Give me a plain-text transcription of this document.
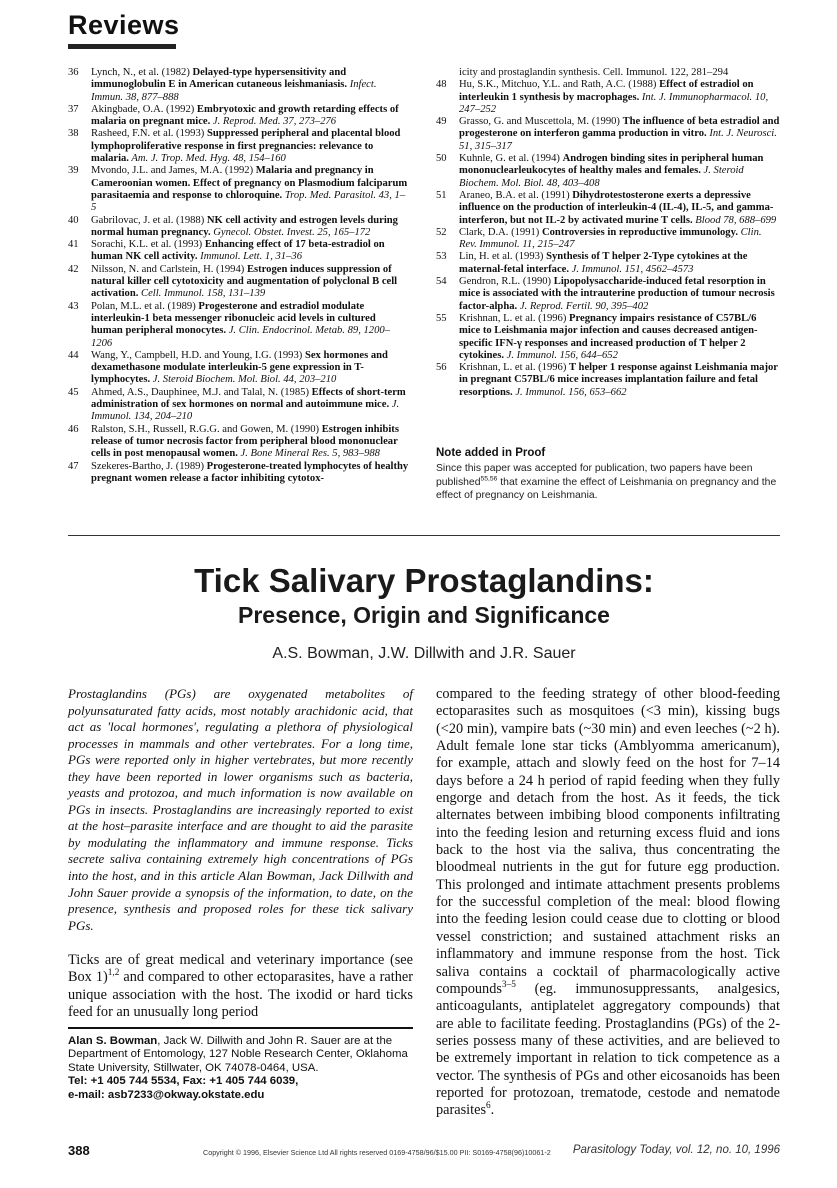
Reviews

36 Lynch, N., et al. (1982) Delayed-type hypersensitivity and immunoglobulin E in American cutaneous leishmaniasis. Infect. Immun. 38, 877–888

37 Akingbade, O.A. (1992) Embryotoxic and growth retarding effects of malaria on pregnant mice. J. Reprod. Med. 37, 273–276

38 Rasheed, F.N. et al. (1993) Suppressed peripheral and placental blood lymphoproliferative response in first pregnancies: relevance to malaria. Am. J. Trop. Med. Hyg. 48, 154–160

39 Mvondo, J.L. and James, M.A. (1992) Malaria and pregnancy in Cameroonian women. Effect of pregnancy on Plasmodium falciparum parasitaemia and response to chloroquine. Trop. Med. Parasitol. 43, 1–5

40 Gabrilovac, J. et al. (1988) NK cell activity and estrogen levels during normal human pregnancy. Gynecol. Obstet. Invest. 25, 165–172

41 Sorachi, K.L. et al. (1993) Enhancing effect of 17 beta-estradiol on human NK cell activity. Immunol. Lett. 1, 31–36

42 Nilsson, N. and Carlstein, H. (1994) Estrogen induces suppression of natural killer cell cytotoxicity and augmentation of polyclonal B cell activation. Cell. Immunol. 158, 131–139

43 Polan, M.L. et al. (1989) Progesterone and estradiol modulate interleukin-1 beta messenger ribonucleic acid levels in cultured human peripheral monocytes. J. Clin. Endocrinol. Metab. 89, 1200–1206

44 Wang, Y., Campbell, H.D. and Young, I.G. (1993) Sex hormones and dexamethasone modulate interleukin-5 gene expression in T-lymphocytes. J. Steroid Biochem. Mol. Biol. 44, 203–210

45 Ahmed, A.S., Dauphinee, M.J. and Talal, N. (1985) Effects of short-term administration of sex hormones on normal and autoimmune mice. J. Immunol. 134, 204–210

46 Ralston, S.H., Russell, R.G.G. and Gowen, M. (1990) Estrogen inhibits release of tumor necrosis factor from peripheral blood mononuclear cells in post menopausal women. J. Bone Mineral Res. 5, 983–988

47 Szekeres-Bartho, J. (1989) Progesterone-treated lymphocytes of healthy pregnant women release a factor inhibiting cytotox-

icity and prostaglandin synthesis. Cell. Immunol. 122, 281–294

48 Hu, S.K., Mitchuo, Y.L. and Rath, A.C. (1988) Effect of estradiol on interleukin 1 synthesis by macrophages. Int. J. Immunopharmacol. 10, 247–252

49 Grasso, G. and Muscettola, M. (1990) The influence of beta estradiol and progesterone on interferon gamma production in vitro. Int. J. Neurosci. 51, 315–317

50 Kuhnle, G. et al. (1994) Androgen binding sites in peripheral human mononuclearleukocytes of healthy males and females. J. Steroid Biochem. Mol. Biol. 48, 403–408

51 Araneo, B.A. et al. (1991) Dihydrotestosterone exerts a depressive influence on the production of interleukin-4 (IL-4), IL-5, and gamma-interferon, but not IL-2 by activated murine T cells. Blood 78, 688–699

52 Clark, D.A. (1991) Controversies in reproductive immunology. Clin. Rev. Immunol. 11, 215–247

53 Lin, H. et al. (1993) Synthesis of T helper 2-Type cytokines at the maternal-fetal interface. J. Immunol. 151, 4562–4573

54 Gendron, R.L. (1990) Lipopolysaccharide-induced fetal resorption in mice is associated with the intrauterine production of tumour necrosis factor-alpha. J. Reprod. Fertil. 90, 395–402

55 Krishnan, L. et al. (1996) Pregnancy impairs resistance of C57BL/6 mice to Leishmania major infection and causes decreased antigen-specific IFN-γ responses and increased production of T helper 2 cytokines. J. Immunol. 156, 644–652

56 Krishnan, L. et al. (1996) T helper 1 response against Leishmania major in pregnant C57BL/6 mice increases implantation failure and fetal resorptions. J. Immunol. 156, 653–662

Note added in Proof
Since this paper was accepted for publication, two papers have been published$^{55,56}$ that examine the effect of Leishmania on pregnancy and the effect of pregnancy on Leishmania.
Tick Salivary Prostaglandins:
Presence, Origin and Significance
A.S. Bowman, J.W. Dillwith and J.R. Sauer
Prostaglandins (PGs) are oxygenated metabolites of polyunsaturated fatty acids, most notably arachidonic acid, that act as 'local hormones', regulating a plethora of physiological processes in mammals and other vertebrates. For a long time, PGs were reported only in higher vertebrates, but more recently they have been reported in lower organisms such as bacteria, yeasts and protozoa, and much information is now available on PGs in insects. Prostaglandins are increasingly reported to exist at the host–parasite interface and are thought to aid the parasite by modulating the inflammatory and immune response. Ticks secrete saliva containing extremely high concentrations of PGs into the host, and in this article Alan Bowman, Jack Dillwith and John Sauer provide a synopsis of the information, to date, on the presence, synthesis and proposed roles for these tick salivary PGs.
Ticks are of great medical and veterinary importance (see Box 1)$^{1,2}$ and compared to other ectoparasites, have a rather unique association with the host. The ixodid or hard ticks feed for an unusually long period
Alan S. Bowman, Jack W. Dillwith and John R. Sauer are at the Department of Entomology, 127 Noble Research Center, Oklahoma State University, Stillwater, OK 74078-0464, USA.
Tel: +1 405 744 5534, Fax: +1 405 744 6039,
e-mail: asb7233@okway.okstate.edu
compared to the feeding strategy of other blood-feeding ectoparasites such as mosquitoes (<3 min), kissing bugs (<20 min), vampire bats (~30 min) and even leeches (~2 h). Adult female lone star ticks (Amblyomma americanum), for example, attach and slowly feed on the host for 7–14 days before a 24 h period of rapid feeding when they fully engorge and detach from the host. As it feeds, the tick alternates between imbibing blood components infiltrating into the feeding lesion and returning excess fluid and ions back to the host via the saliva, thus concentrating the bloodmeal nutrients in the gut for future egg production. This prolonged and intimate attachment presents problems for the successful completion of the meal: blood flowing into the feeding lesion could cease due to clotting or blood vessel constriction; and sustained attachment risks an inflammatory and immune response from the host. Tick saliva contains a cocktail of pharmacologically active compounds$^{3-5}$ (eg. immunosuppressants, analgesics, anticoagulants, antiplatelet aggregatory compounds) that are able to facilitate feeding. Prostaglandins (PGs) of the 2-series possess many of these activities, and are believed to be extremely important in relation to tick competence as a vector. The synthesis of PGs and other eicosanoids has been reported for protozoan, trematode, cestode and nematode parasites$^6$.
388	Copyright © 1996, Elsevier Science Ltd All rights reserved 0169-4758/96/$15.00 PII: S0169-4758(96)10061-2 Parasitology Today, vol. 12, no. 10, 1996
